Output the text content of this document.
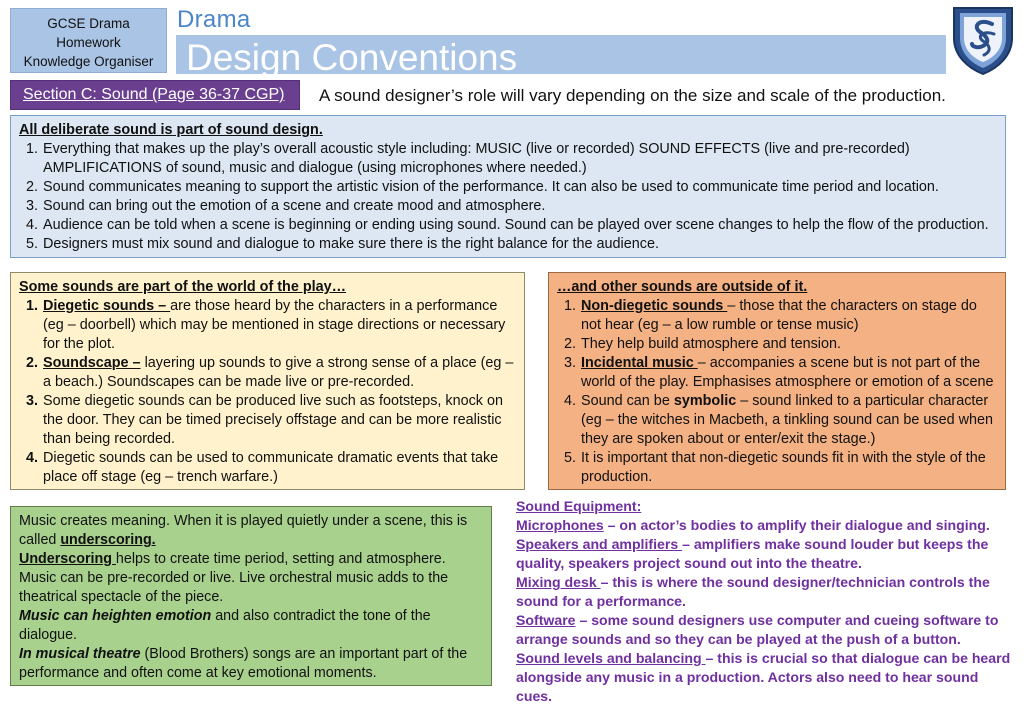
GCSE Drama
Homework
Knowledge Organiser
Drama
Design Conventions
Section C: Sound (Page 36-37 CGP) A sound designer’s role will vary depending on the size and scale of the production.
All deliberate sound is part of sound design.
1. Everything that makes up the play’s overall acoustic style including: MUSIC (live or recorded) SOUND EFFECTS (live and pre-recorded) AMPLIFICATIONS of sound, music and dialogue (using microphones where needed.)
2. Sound communicates meaning to support the artistic vision of the performance. It can also be used to communicate time period and location.
3. Sound can bring out the emotion of a scene and create mood and atmosphere.
4. Audience can be told when a scene is beginning or ending using sound. Sound can be played over scene changes to help the flow of the production.
5. Designers must mix sound and dialogue to make sure there is the right balance for the audience.
Some sounds are part of the world of the play…
1. Diegetic sounds – are those heard by the characters in a performance (eg – doorbell) which may be mentioned in stage directions or necessary for the plot.
2. Soundscape – layering up sounds to give a strong sense of a place (eg – a beach.) Soundscapes can be made live or pre-recorded.
3. Some diegetic sounds can be produced live such as footsteps, knock on the door. They can be timed precisely offstage and can be more realistic than being recorded.
4. Diegetic sounds can be used to communicate dramatic events that take place off stage (eg – trench warfare.)
…and other sounds are outside of it.
1. Non-diegetic sounds – those that the characters on stage do not hear (eg – a low rumble or tense music)
2. They help build atmosphere and tension.
3. Incidental music – accompanies a scene but is not part of the world of the play. Emphasises atmosphere or emotion of a scene
4. Sound can be symbolic – sound linked to a particular character (eg – the witches in Macbeth, a tinkling sound can be used when they are spoken about or enter/exit the stage.)
5. It is important that non-diegetic sounds fit in with the style of the production.
Music creates meaning. When it is played quietly under a scene, this is called underscoring.
Underscoring helps to create time period, setting and atmosphere. Music can be pre-recorded or live. Live orchestral music adds to the theatrical spectacle of the piece.
Music can heighten emotion and also contradict the tone of the dialogue.
In musical theatre (Blood Brothers) songs are an important part of the performance and often come at key emotional moments.
Sound Equipment:
Microphones – on actor’s bodies to amplify their dialogue and singing.
Speakers and amplifiers – amplifiers make sound louder but keeps the quality, speakers project sound out into the theatre.
Mixing desk – this is where the sound designer/technician controls the sound for a performance.
Software – some sound designers use computer and cueing software to arrange sounds and so they can be played at the push of a button.
Sound levels and balancing – this is crucial so that dialogue can be heard alongside any music in a production. Actors also need to hear sound cues.
